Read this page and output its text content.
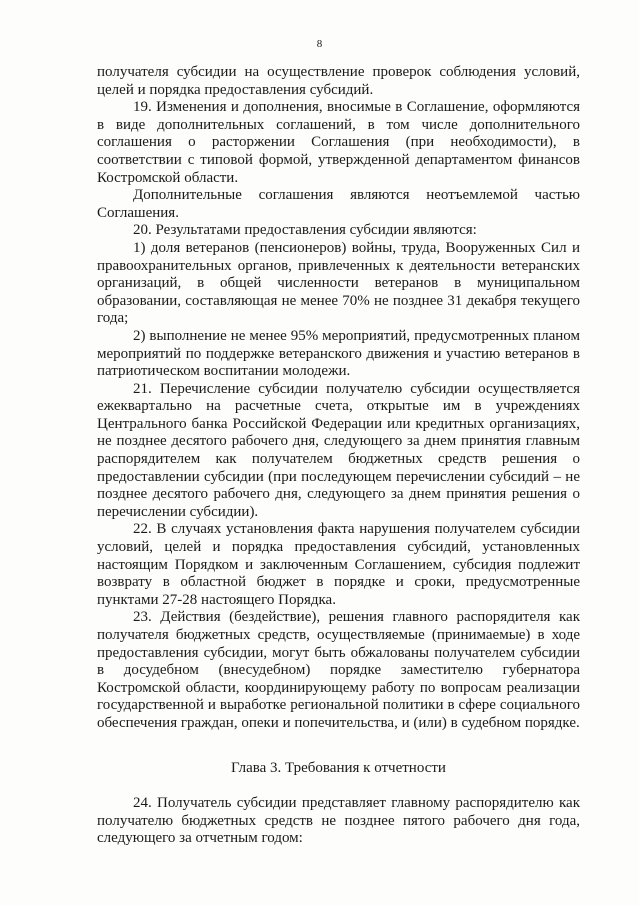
8

получателя субсидии на осуществление проверок соблюдения условий, целей и порядка предоставления субсидий.

19. Изменения и дополнения, вносимые в Соглашение, оформляются в виде дополнительных соглашений, в том числе дополнительного соглашения о расторжении Соглашения (при необходимости), в соответствии с типовой формой, утвержденной департаментом финансов Костромской области.

Дополнительные соглашения являются неотъемлемой частью Соглашения.

20. Результатами предоставления субсидии являются:

1) доля ветеранов (пенсионеров) войны, труда, Вооруженных Сил и правоохранительных органов, привлеченных к деятельности ветеранских организаций, в общей численности ветеранов в муниципальном образовании, составляющая не менее 70% не позднее 31 декабря текущего года;

2) выполнение не менее 95% мероприятий, предусмотренных планом мероприятий по поддержке ветеранского движения и участию ветеранов в патриотическом воспитании молодежи.

21. Перечисление субсидии получателю субсидии осуществляется ежеквартально на расчетные счета, открытые им в учреждениях Центрального банка Российской Федерации или кредитных организациях, не позднее десятого рабочего дня, следующего за днем принятия главным распорядителем как получателем бюджетных средств решения о предоставлении субсидии (при последующем перечислении субсидий – не позднее десятого рабочего дня, следующего за днем принятия решения о перечислении субсидии).

22. В случаях установления факта нарушения получателем субсидии условий, целей и порядка предоставления субсидий, установленных настоящим Порядком и заключенным Соглашением, субсидия подлежит возврату в областной бюджет в порядке и сроки, предусмотренные пунктами 27-28 настоящего Порядка.

23. Действия (бездействие), решения главного распорядителя как получателя бюджетных средств, осуществляемые (принимаемые) в ходе предоставления субсидии, могут быть обжалованы получателем субсидии в досудебном (внесудебном) порядке заместителю губернатора Костромской области, координирующему работу по вопросам реализации государственной и выработке региональной политики в сфере социального обеспечения граждан, опеки и попечительства, и (или) в судебном порядке.

Глава 3. Требования к отчетности

24. Получатель субсидии представляет главному распорядителю как получателю бюджетных средств не позднее пятого рабочего дня года, следующего за отчетным годом:
